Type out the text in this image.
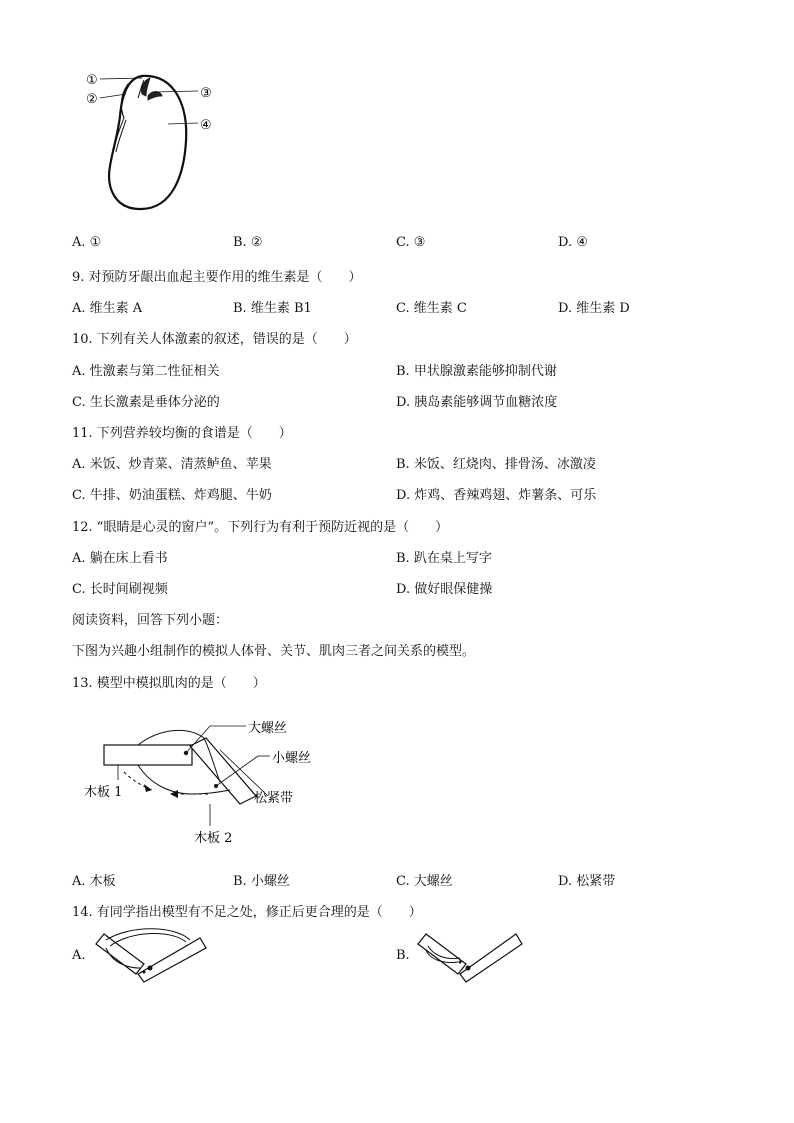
①
②	③
④
A. ①	B. ②	C. ③	D. ④
9. 对预防牙龈出血起主要作用的维生素是（　　）
A. 维生素 A	B. 维生素 B1	C. 维生素 C	D. 维生素 D
10. 下列有关人体激素的叙述，错误的是（　　）
A. 性激素与第二性征相关	B. 甲状腺激素能够抑制代谢
C. 生长激素是垂体分泌的	D. 胰岛素能够调节血糖浓度
11. 下列营养较均衡的食谱是（　　）
A. 米饭、炒青菜、清蒸鲈鱼、苹果	B. 米饭、红烧肉、排骨汤、冰激凌
C. 牛排、奶油蛋糕、炸鸡腿、牛奶	D. 炸鸡、香辣鸡翅、炸薯条、可乐
12. “眼睛是心灵的窗户”。下列行为有利于预防近视的是（　　）
A. 躺在床上看书	B. 趴在桌上写字
C. 长时间刷视频	D. 做好眼保健操
阅读资料，回答下列小题：
下图为兴趣小组制作的模拟人体骨、关节、肌肉三者之间关系的模型。
13. 模型中模拟肌肉的是（　　）
大螺丝
小螺丝
木板 1	松紧带
木板 2
A. 木板	B. 小螺丝	C. 大螺丝	D. 松紧带
14. 有同学指出模型有不足之处，修正后更合理的是（　　）
A.	B.
